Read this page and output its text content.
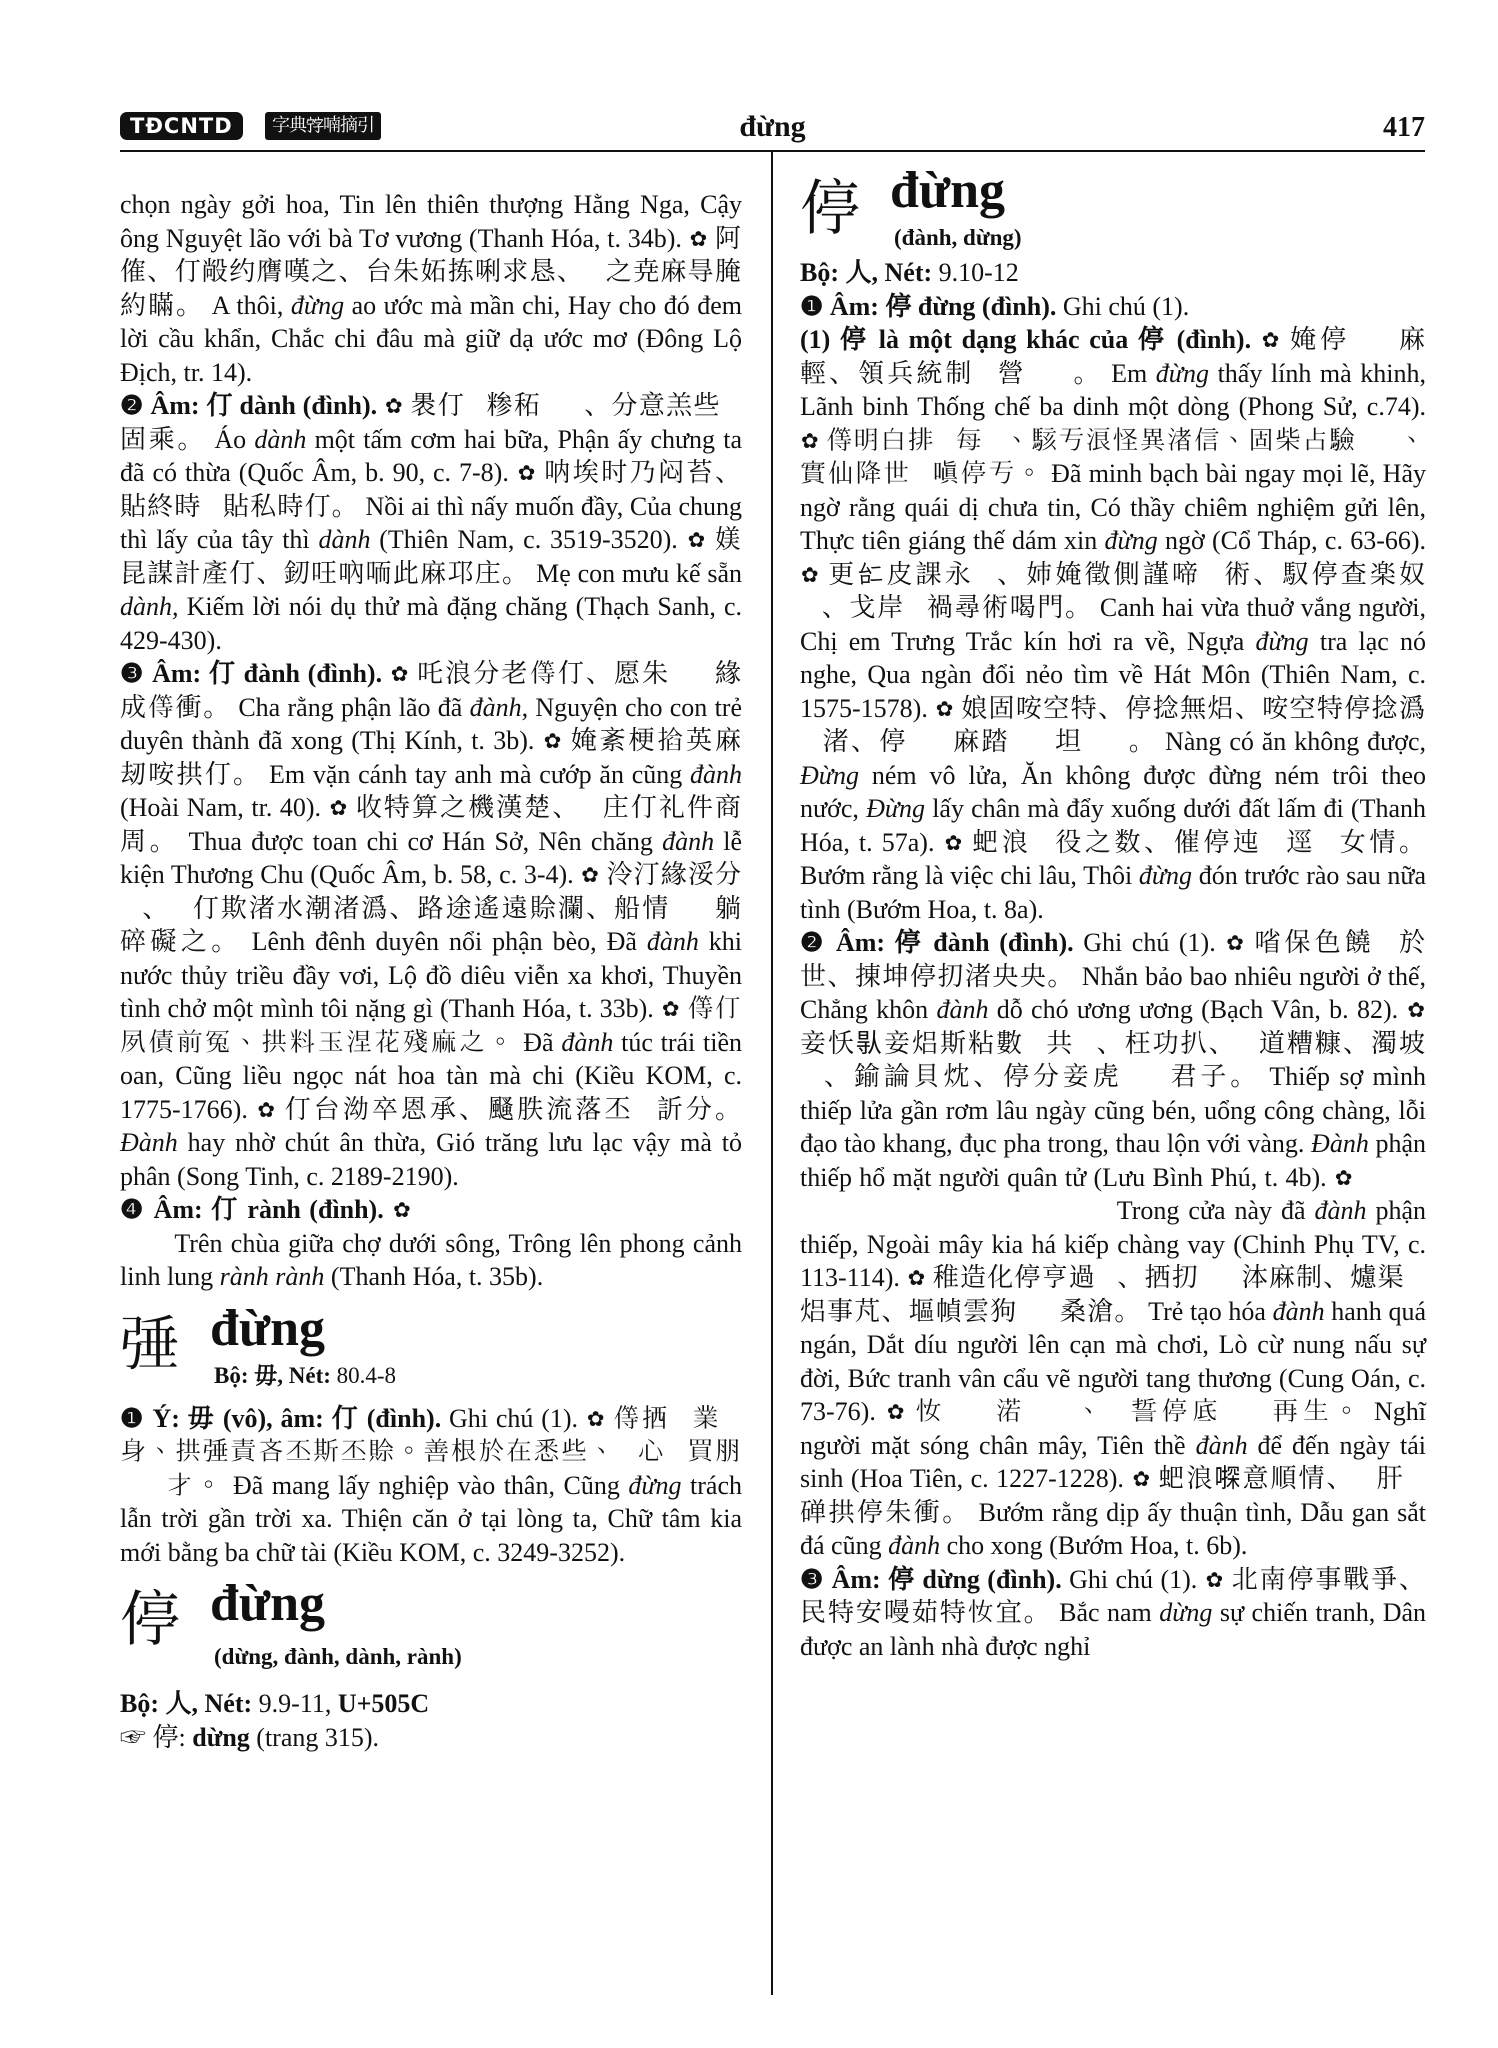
TĐCNTD	字典𡨸喃摘引	đừng	417

chọn ngày gởi hoa, Tin lên thiên thượng Hằng Nga, Cậy ông Nguyệt lão với bà Tơ vương (Thanh Hóa, t. 34b). ✿ 阿傕、仃㲂约膺嘆之、台朱妬拣唎求恳、𡀳之尭麻㝵腌約瞞。 A thôi, đừng ao ước mà mần chi, Hay cho đó đem lời cầu khẩn, Chắc chi đâu mà giữ dạ ước mơ (Đông Lộ Địch, tr. 14).

❷ Âm: 仃 dành (đình). ✿ 褁仃𡗶糁䄷𩚵𩚵、分意羔些𠎬固乘。 Áo dành một tấm cơm hai bữa, Phận ấy chưng ta đã có thừa (Quốc Âm, b. 90, c. 7-8). ✿ 呐埃时乃闷苔、貼終時𢬣貼私時仃。 Nồi ai thì nấy muốn đầy, Của chung thì lấy của tây thì dành (Thiên Nam, c. 3519-3520). ✿ 媄昆謀計產仃、釰㕵吶㖇此麻邛庄。 Mẹ con mưu kế sẵn dành, Kiếm lời nói dụ thử mà đặng chăng (Thạch Sanh, c. 429-430).

❸ Âm: 仃 đành (đình). ✿ 吒浪分老𠎬仃、愿朱𡮣𥙩緣成𠎬衝。 Cha rằng phận lão đã đành, Nguyện cho con trẻ duyên thành đã xong (Thị Kính, t. 3b). ✿ 㛪紊梗𢰖英麻刼咹拱仃。 Em vặn cánh tay anh mà cướp ăn cũng đành (Hoài Nam, tr. 40). ✿ 收特算之機漢楚、𫀅庄仃礼件商周。 Thua được toan chi cơ Hán Sở, Nên chăng đành lễ kiện Thương Chu (Quốc Âm, b. 58, c. 3-4). ✿ 泠汀緣浽分𬞔、𠎬仃欺渚水潮渚潙、路途遙遠賒瀾、船情𨅸𣳔躺碎礙之。 Lênh đênh duyên nổi phận bèo, Đã đành khi nước thủy triều đầy vơi, Lộ đồ diêu viễn xa khơi, Thuyền tình chở một mình tôi nặng gì (Thanh Hóa, t. 33b). ✿ 𠎬仃夙債前冤、拱料玉涅花殘麻之。 Đã đành túc trái tiền oan, Cũng liều ngọc nát hoa tàn mà chi (Kiều KOM, c. 1775-1766). ✿ 仃台泑卒恩承、颾胅流落丕𪦆訢分。 Đành hay nhờ chút ân thừa, Gió trăng lưu lạc vậy mà tỏ phân (Song Tinh, c. 2189-2190).

❹ Âm: 仃 rành (đình). ✿ 𨖅厨𥚄𢃱𠚢滝、䡢𨗜風景玲瓏仃仃。 Trên chùa giữa chợ dưới sông, Trông lên phong cảnh linh lung rành rành (Thanh Hóa, t. 35b).

𢏴 đừng
Bộ: 毋, Nét: 80.4-8

❶ Ý: 毋 (vô), âm: 仃 (đình). Ghi chú (1). ✿ 𠎬拪𥙩業𠓨身、拱𢏴責吝丕斯丕賒。善根於在悉些、𡨸心𥪝買朋𠀧𡨸才。 Đã mang lấy nghiệp vào thân, Cũng đừng trách lẫn trời gần trời xa. Thiện căn ở tại lòng ta, Chữ tâm kia mới bằng ba chữ tài (Kiều KOM, c. 3249-3252).

停 đừng
(dừng, đành, dành, rành)

Bộ: 人, Nét: 9.9-11, U+505C

☞ 停: dừng (trang 315).

停 đừng
(đành, dừng)

Bộ: 人, Nét: 9.10-12

❶ Âm: 停 đừng (đình). Ghi chú (1).

(1) 停 là một dạng khác của 停 (đình). ✿ 㛪停𧡊𠔦麻輕、領兵統制𠀧營𠬠𣳔。 Em đừng thấy lính mà khinh, Lãnh binh Thống chế ba dinh một dòng (Phong Sử, c.74). ✿ 𠎬明白排𠖈每𥙩、駭亐浪怪異渚信、固柴占驗𠽄𨖲、實仙降世𠻴嗔停亐。 Đã minh bạch bài ngay mọi lẽ, Hãy ngờ rằng quái dị chưa tin, Có thầy chiêm nghiệm gửi lên, Thực tiên giáng thế dám xin đừng ngờ (Cổ Tháp, c. 63-66). ✿ 更𠄩皮課永𠃣、姉㛪徵側謹啼𢪀術、馭停查楽奴𥊚、戈岸𢬣禍尋術喝門。 Canh hai vừa thuở vắng người, Chị em Trưng Trắc kín hơi ra về, Ngựa đừng tra lạc nó nghe, Qua ngàn đổi nẻo tìm về Hát Môn (Thiên Nam, c. 1575-1578). ✿ 娘固咹空特、停捻無焒、咹空特停捻潙𦛿渚、停𥙩𩠴麻踏𠫾𠁀坦𡎝𤼸。 Nàng có ăn không được, Đừng ném vô lửa, Ăn không được đừng ném trôi theo nước, Đừng lấy chân mà đẩy xuống dưới đất lấm đi (Thanh Hóa, t. 57a). ✿ 蚆浪𠶆役之数、催停迍𦀳逕𤤰女情。 Bướm rằng là việc chi lâu, Thôi đừng đón trước rào sau nữa tình (Bướm Hoa, t. 8a).

❷ Âm: 停 đành (đình). Ghi chú (1). ✿ 㗂保色饒𠃣於世、㨂坤停㧅渚央央。 Nhắn bảo bao nhiêu người ở thế, Chẳng khôn đành dỗ chó ương ương (Bạch Vân, b. 82). ✿ 妾㤇𠊛妾焒斯粘數𣇞共𤍌、枉功扒、𩵜道糟糠、濁坡𨈖、鍮論貝㶩、停分妾虎𥙩𠃣君子。 Thiếp sợ mình thiếp lửa gần rơm lâu ngày cũng bén, uổng công chàng, lỗi đạo tào khang, đục pha trong, thau lộn với vàng. Đành phận thiếp hổ mặt người quân tử (Lưu Bình Phú, t. 4b). ✿ 𨷑閉尼𠎬停分妾、外霳箕𣈜刼扒撝。 Trong cửa này đã đành phận thiếp, Ngoài mây kia há kiếp chàng vay (Chinh Phụ TV, c. 113-114). ✿ 稚造化停亨過𡃕、拪㧅𠃣𨖲泍麻制、爈渠𤍌焒事芃、塸幀雲狗𩠴𠃣桑滄。 Trẻ tạo hóa đành hanh quá ngán, Dắt díu người lên cạn mà chơi, Lò cừ nung nấu sự đời, Bức tranh vân cẩu vẽ người tang thương (Cung Oán, c. 73-76). ✿ 𢖵𠃣𩈘渃𩠴𨖲、𥱬誓停底𦤾𣇞再生。 Nghĩ người mặt sóng chân mây, Tiên thề đành để đến ngày tái sinh (Hoa Tiên, c. 1227-1228). ✿ 蚆浪𠽄意順情、𨫊肝𡘵䃅拱停朱衝。 Bướm rằng dịp ấy thuận tình, Dẫu gan sắt đá cũng đành cho xong (Bướm Hoa, t. 6b).

❸ Âm: 停 dừng (đình). Ghi chú (1). ✿ 北南停事戰爭、民特安𠼦茹特𢖵宜。 Bắc nam dừng sự chiến tranh, Dân được an lành nhà được nghỉ
